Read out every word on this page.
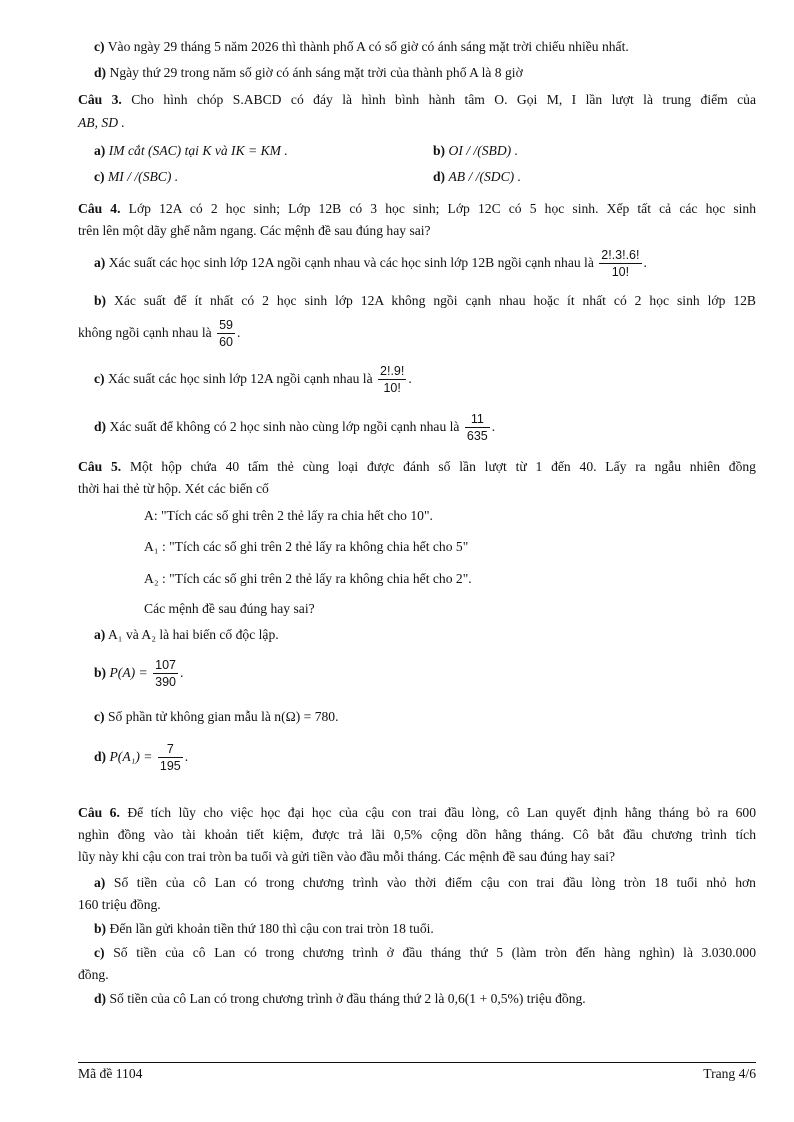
c) Vào ngày 29 tháng 5 năm 2026 thì thành phố A có số giờ có ánh sáng mặt trời chiếu nhiều nhất.
d) Ngày thứ 29 trong năm số giờ có ánh sáng mặt trời của thành phố A là 8 giờ
Câu 3. Cho hình chóp S.ABCD có đáy là hình bình hành tâm O. Gọi M, I lần lượt là trung điểm của
AB, SD .
a) IM cắt (SAC) tại K và IK = KM .	b) OI / /(SBD) .
c) MI / /(SBC) .	d) AB / /(SDC) .
Câu 4. Lớp 12A có 2 học sinh; Lớp 12B có 3 học sinh; Lớp 12C có 5 học sinh. Xếp tất cả các học sinh
trên lên một dãy ghế nằm ngang. Các mệnh đề sau đúng hay sai?
a) Xác suất các học sinh lớp 12A ngồi cạnh nhau và các học sinh lớp 12B ngồi cạnh nhau là $\frac{2!.3!.6!}{10!}$ .
b) Xác suất để ít nhất có 2 học sinh lớp 12A không ngồi cạnh nhau hoặc ít nhất có 2 học sinh lớp 12B
không ngồi cạnh nhau là $\frac{59}{60}$ .
c) Xác suất các học sinh lớp 12A ngồi cạnh nhau là $\frac{2!.9!}{10!}$ .
d) Xác suất để không có 2 học sinh nào cùng lớp ngồi cạnh nhau là $\frac{11}{635}$ .
Câu 5. Một hộp chứa 40 tấm thẻ cùng loại được đánh số lần lượt từ 1 đến 40. Lấy ra ngẫu nhiên đồng
thời hai thẻ từ hộp. Xét các biến cố
A: "Tích các số ghi trên 2 thẻ lấy ra chia hết cho 10".
A₁ : "Tích các số ghi trên 2 thẻ lấy ra không chia hết cho 5"
A₂ : "Tích các số ghi trên 2 thẻ lấy ra không chia hết cho 2".
Các mệnh đề sau đúng hay sai?
a) A₁ và A₂ là hai biến cố độc lập.
b) $P(A) = \frac{107}{390}$ .
c) Số phần tử không gian mẫu là n(Ω) = 780.
d) $P(A_1) = \frac{7}{195}$ .
Câu 6. Để tích lũy cho việc học đại học của cậu con trai đầu lòng, cô Lan quyết định hằng tháng bỏ ra 600
nghìn đồng vào tài khoản tiết kiệm, được trả lãi 0,5% cộng dồn hằng tháng. Cô bắt đầu chương trình tích
lũy này khi cậu con trai tròn ba tuổi và gửi tiền vào đầu mỗi tháng. Các mệnh đề sau đúng hay sai?
a) Số tiền của cô Lan có trong chương trình vào thời điểm cậu con trai đầu lòng tròn 18 tuổi nhỏ hơn
160 triệu đồng.
b) Đến lần gửi khoản tiền thứ 180 thì cậu con trai tròn 18 tuổi.
c) Số tiền của cô Lan có trong chương trình ở đầu tháng thứ 5 (làm tròn đến hàng nghìn) là 3.030.000
đồng.
d) Số tiền của cô Lan có trong chương trình ở đầu tháng thứ 2 là 0,6(1 + 0,5%) triệu đồng.
Mã đề 1104	Trang 4/6
